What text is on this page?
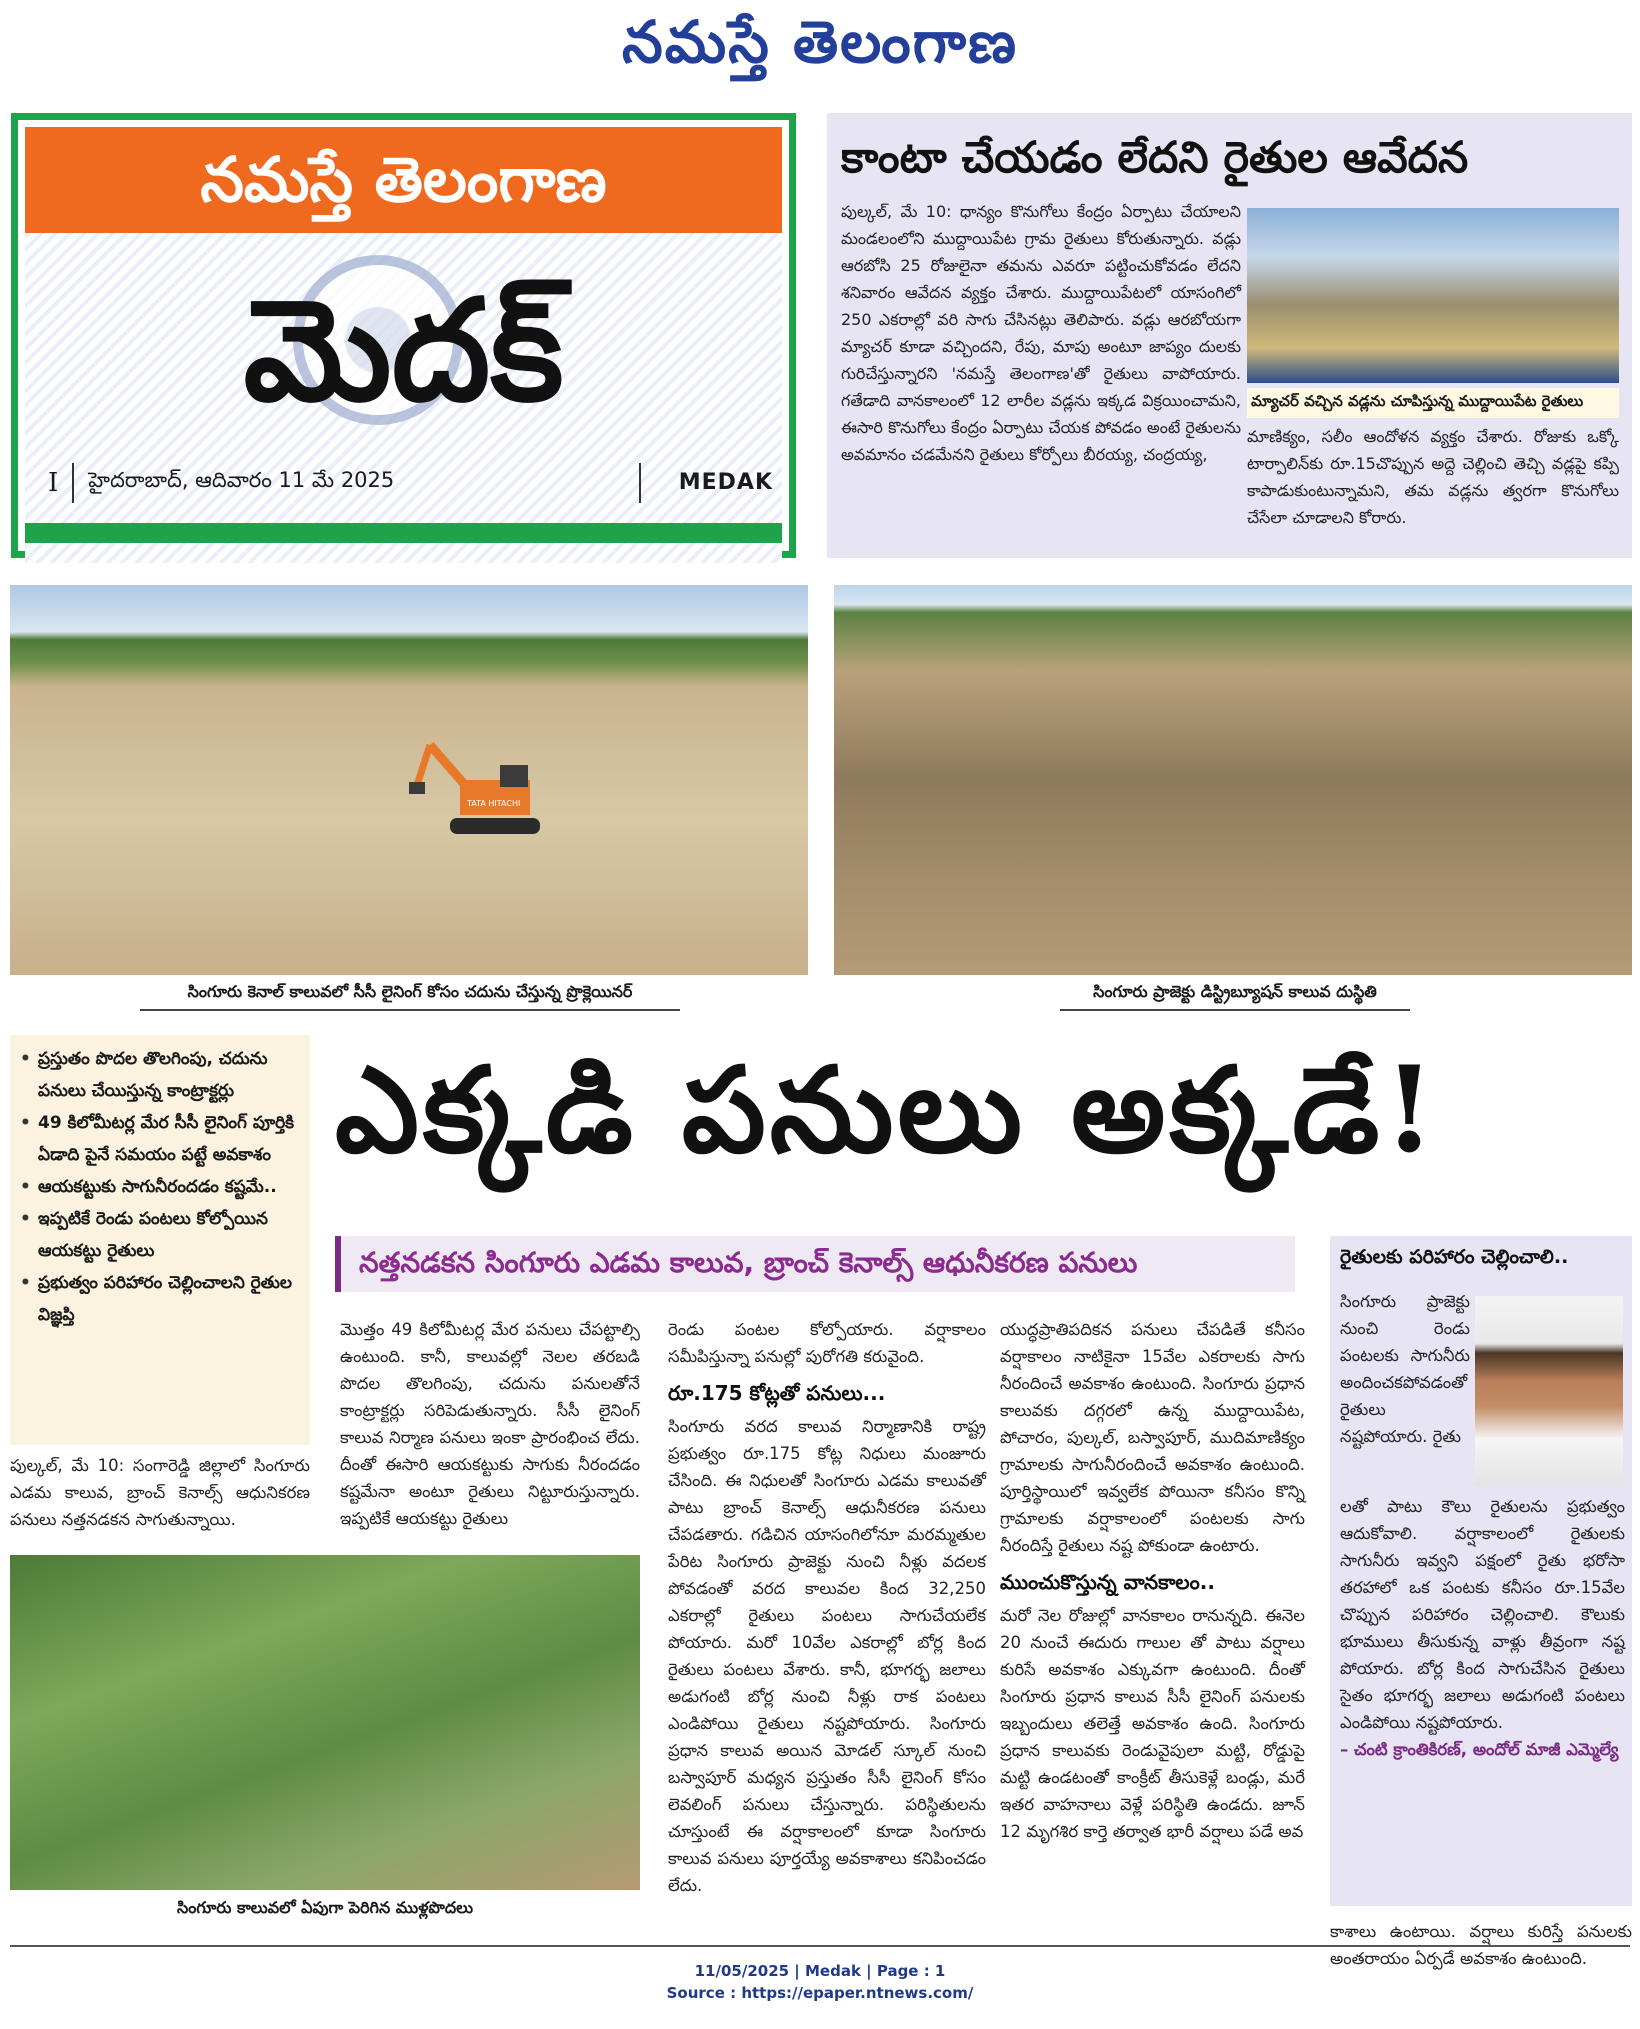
నమస్తే తెలంగాణ
నమస్తే తెలంగాణ
మెదక్
I	హైదరాబాద్, ఆదివారం 11 మే 2025	MEDAK
కాంటా చేయడం లేదని రైతుల ఆవేదన
పుల్కల్, మే 10: ధాన్యం కొనుగోలు కేంద్రం ఏర్పాటు చేయాలని మండలంలోని ముద్దాయిపేట గ్రామ రైతులు కోరుతున్నారు. వడ్లు ఆరబోసి 25 రోజులైనా తమను ఎవరూ పట్టించుకోవడం లేదని శనివారం ఆవేదన వ్యక్తం చేశారు. ముద్దాయిపేటలో యాసంగిలో 250 ఎకరాల్లో వరి సాగు చేసినట్లు తెలిపారు. వడ్లు ఆరబోయగా మ్యాచర్ కూడా వచ్చిందని, రేపు, మాపు అంటూ జాప్యం దులకు గురిచేస్తున్నారని 'నమస్తే తెలంగాణ'తో రైతులు వాపోయారు. గతేడాది వానకాలంలో 12 లారీల వడ్లను ఇక్కడ విక్రయించామని, ఈసారి కొనుగోలు కేంద్రం ఏర్పాటు చేయక పోవడం అంటే రైతులను అవమానం చడమేనని రైతులు కోర్పోలు బీరయ్య, చంద్రయ్య,
మ్యాచర్ వచ్చిన వడ్లను చూపిస్తున్న ముద్దాయిపేట రైతులు
మాణిక్యం, సలీం ఆందోళన వ్యక్తం చేశారు. రోజుకు ఒక్కో టార్పాలిన్‌కు రూ.15చొప్పున అద్దె చెల్లించి తెచ్చి వడ్లపై కప్పి కాపాడుకుంటున్నామని, తమ వడ్లను త్వరగా కొనుగోలు చేసేలా చూడాలని కోరారు.
TATA HITACHI
సింగూరు కెనాల్ కాలువలో సీసీ లైనింగ్ కోసం చదును చేస్తున్న ప్రొక్లెయినర్	సింగూరు ప్రాజెక్టు డిస్ట్రిబ్యూషన్ కాలువ దుస్థితి
• ప్రస్తుతం పొదల తొలగింపు, చదును పనులు చేయిస్తున్న కాంట్రాక్టర్లు
• 49 కిలోమీటర్ల మేర సీసీ లైనింగ్ పూర్తికి ఏడాది పైనే సమయం పట్టే అవకాశం
• ఆయకట్టుకు సాగునీరందడం కష్టమే..
• ఇప్పటికే రెండు పంటలు కోల్పోయిన ఆయకట్టు రైతులు
• ప్రభుత్వం పరిహారం చెల్లించాలని రైతుల విజ్ఞప్తి
ఎక్కడి పనులు అక్కడే!
నత్తనడకన సింగూరు ఎడమ కాలువ, బ్రాంచ్ కెనాల్స్ ఆధునీకరణ పనులు
పుల్కల్, మే 10: సంగారెడ్డి జిల్లాలో సింగూరు ఎడమ కాలువ, బ్రాంచ్ కెనాల్స్ ఆధునికరణ పనులు నత్తనడకన సాగుతున్నాయి.

మొత్తం 49 కిలోమీటర్ల మేర పనులు చేపట్టాల్సి ఉంటుంది. కానీ, కాలువల్లో నెలల తరబడి పొదల తొలగింపు, చదును పనులతోనే కాంట్రాక్టర్లు సరిపెడుతున్నారు. సీసీ లైనింగ్ కాలువ నిర్మాణ పనులు ఇంకా ప్రారంభించ లేదు. దీంతో ఈసారి ఆయకట్టుకు సాగుకు నీరందడం కష్టమేనా అంటూ రైతులు నిట్టూరుస్తున్నారు. ఇప్పటికే ఆయకట్టు రైతులు

రెండు పంటల కోల్పోయారు. వర్షాకాలం సమీపిస్తున్నా పనుల్లో పురోగతి కరువైంది.

రూ.175 కోట్లతో పనులు...

సింగూరు వరద కాలువ నిర్మాణానికి రాష్ట్ర ప్రభుత్వం రూ.175 కోట్ల నిధులు మంజూరు చేసింది. ఈ నిధులతో సింగూరు ఎడమ కాలువతో పాటు బ్రాంచ్ కెనాల్స్ ఆధునీకరణ పనులు చేపడతారు. గడిచిన యాసంగిలోనూ మరమ్మతుల పేరిట సింగూరు ప్రాజెక్టు నుంచి నీళ్లు వదలక పోవడంతో వరద కాలువల కింద 32,250 ఎకరాల్లో రైతులు పంటలు సాగుచేయలేక పోయారు. మరో 10వేల ఎకరాల్లో బోర్ల కింద రైతులు పంటలు వేశారు. కానీ, భూగర్భ జలాలు అడుగంటి బోర్ల నుంచి నీళ్లు రాక పంటలు ఎండిపోయి రైతులు నష్టపోయారు. సింగూరు ప్రధాన కాలువ అయిన మోడల్ స్కూల్ నుంచి బస్వాపూర్ మధ్యన ప్రస్తుతం సీసీ లైనింగ్ కోసం లెవలింగ్ పనులు చేస్తున్నారు. పరిస్థితులను చూస్తుంటే ఈ వర్షాకాలంలో కూడా సింగూరు కాలువ పనులు పూర్తయ్యే అవకాశాలు కనిపించడం లేదు.

యుద్ధప్రాతిపదికన పనులు చేపడితే కనీసం వర్షాకాలం నాటికైనా 15వేల ఎకరాలకు సాగు నీరందించే అవకాశం ఉంటుంది. సింగూరు ప్రధాన కాలువకు దగ్గరలో ఉన్న ముద్దాయిపేట, పోచారం, పుల్కల్, బస్వాపూర్, ముదిమాణిక్యం గ్రామాలకు సాగునీరందించే అవకాశం ఉంటుంది. పూర్తిస్థాయిలో ఇవ్వలేక పోయినా కనీసం కొన్ని గ్రామాలకు వర్షాకాలంలో పంటలకు సాగు నీరందిస్తే రైతులు నష్ట పోకుండా ఉంటారు.

ముంచుకొస్తున్న వానకాలం..

మరో నెల రోజుల్లో వానకాలం రానున్నది. ఈనెల 20 నుంచే ఈదురు గాలుల తో పాటు వర్షాలు కురిసే అవకాశం ఎక్కువగా ఉంటుంది. దీంతో సింగూరు ప్రధాన కాలువ సీసీ లైనింగ్ పనులకు ఇబ్బందులు తలెత్తే అవకాశం ఉంది. సింగూరు ప్రధాన కాలువకు రెండువైపులా మట్టి, రోడ్డుపై మట్టి ఉండటంతో కాంక్రీట్ తీసుకెళ్లే బండ్లు, మరే ఇతర వాహనాలు వెళ్లే పరిస్థితి ఉండదు. జూన్ 12 మృగశిర కార్తె తర్వాత భారీ వర్షాలు పడే అవ

సింగూరు కాలువలో ఏపుగా పెరిగిన ముళ్లపొదలు
రైతులకు పరిహారం చెల్లించాలి..
సింగూరు ప్రాజెక్టు నుంచి రెండు పంటలకు సాగునీరు అందించకపోవడంతో రైతులు నష్టపోయారు. రైతు
లతో పాటు కౌలు రైతులను ప్రభుత్వం ఆదుకోవాలి. వర్షాకాలంలో రైతులకు సాగునీరు ఇవ్వని పక్షంలో రైతు భరోసా తరహాలో ఒక పంటకు కనీసం రూ.15వేల చొప్పున పరిహారం చెల్లించాలి. కౌలుకు భూములు తీసుకున్న వాళ్లు తీవ్రంగా నష్ట పోయారు. బోర్ల కింద సాగుచేసిన రైతులు సైతం భూగర్భ జలాలు అడుగంటి పంటలు ఎండిపోయి నష్టపోయారు.
– చంటి క్రాంతికిరణ్, అందోల్ మాజీ ఎమ్మెల్యే
కాశాలు ఉంటాయి. వర్షాలు కురిస్తే పనులకు అంతరాయం ఏర్పడే అవకాశం ఉంటుంది.
11/05/2025 | Medak | Page : 1
Source : https://epaper.ntnews.com/
